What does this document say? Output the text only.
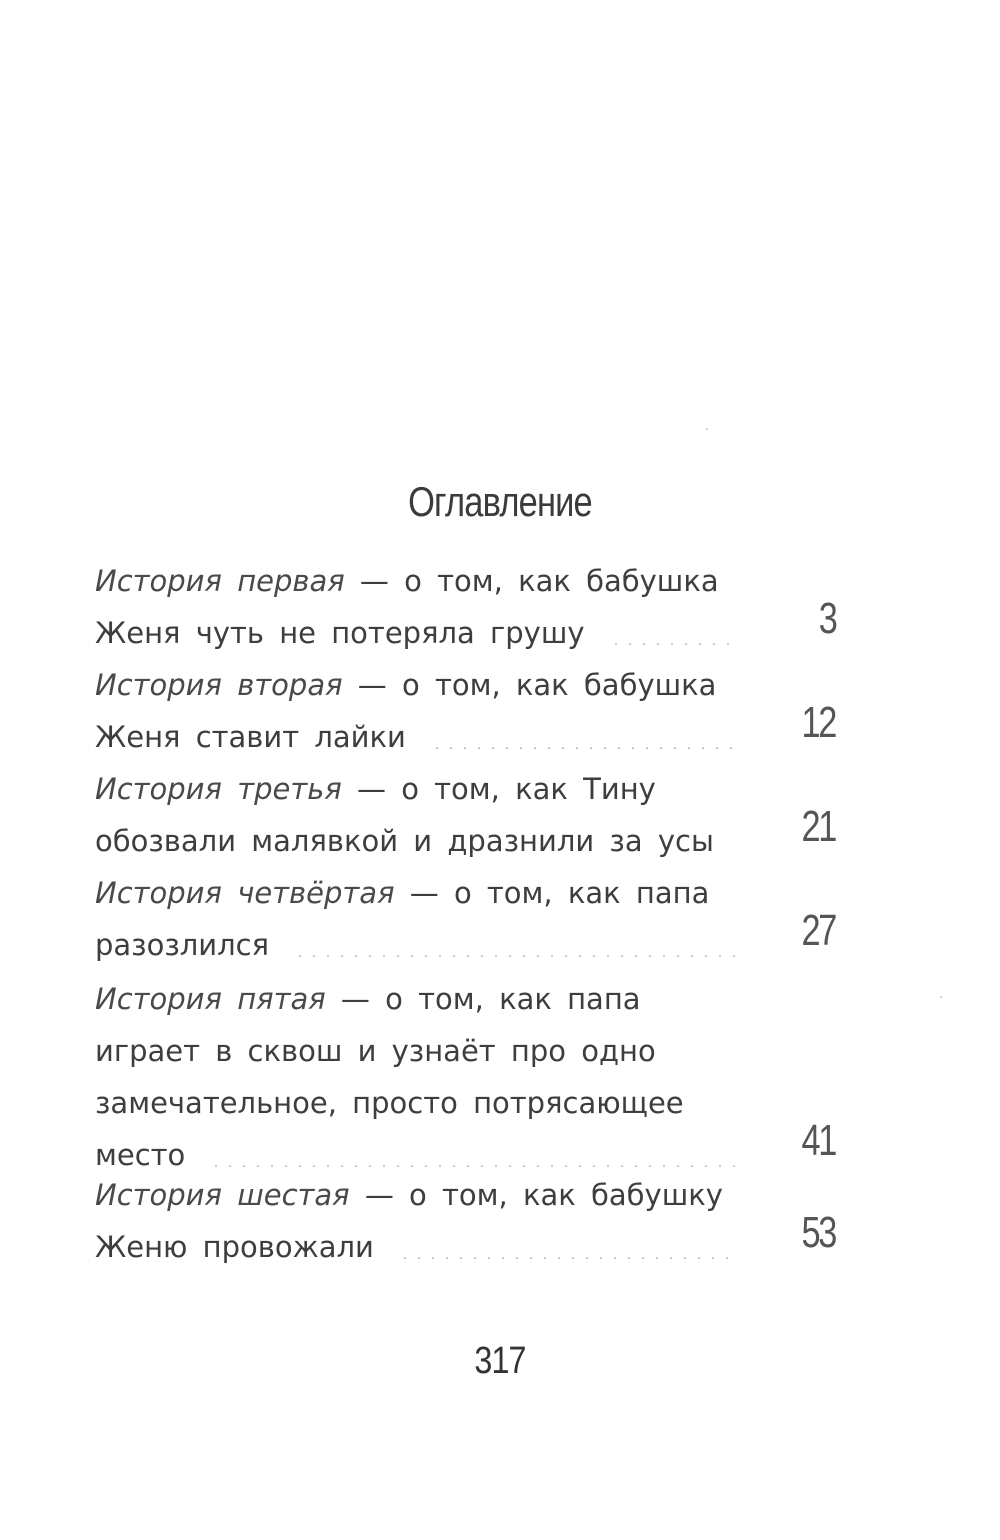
Оглавление
История первая — о том, как бабушка
Женя чуть не потеряла грушу	3
История вторая — о том, как бабушка
Женя ставит лайки	12
История третья — о том, как Тину
обозвали малявкой и дразнили за усы 21
История четвёртая — о том, как папа
разозлился	27
История пятая — о том, как папа
играет в сквош и узнаёт про одно
замечательное, просто потрясающее
место	41
История шестая — о том, как бабушку
Женю провожали	53
317
